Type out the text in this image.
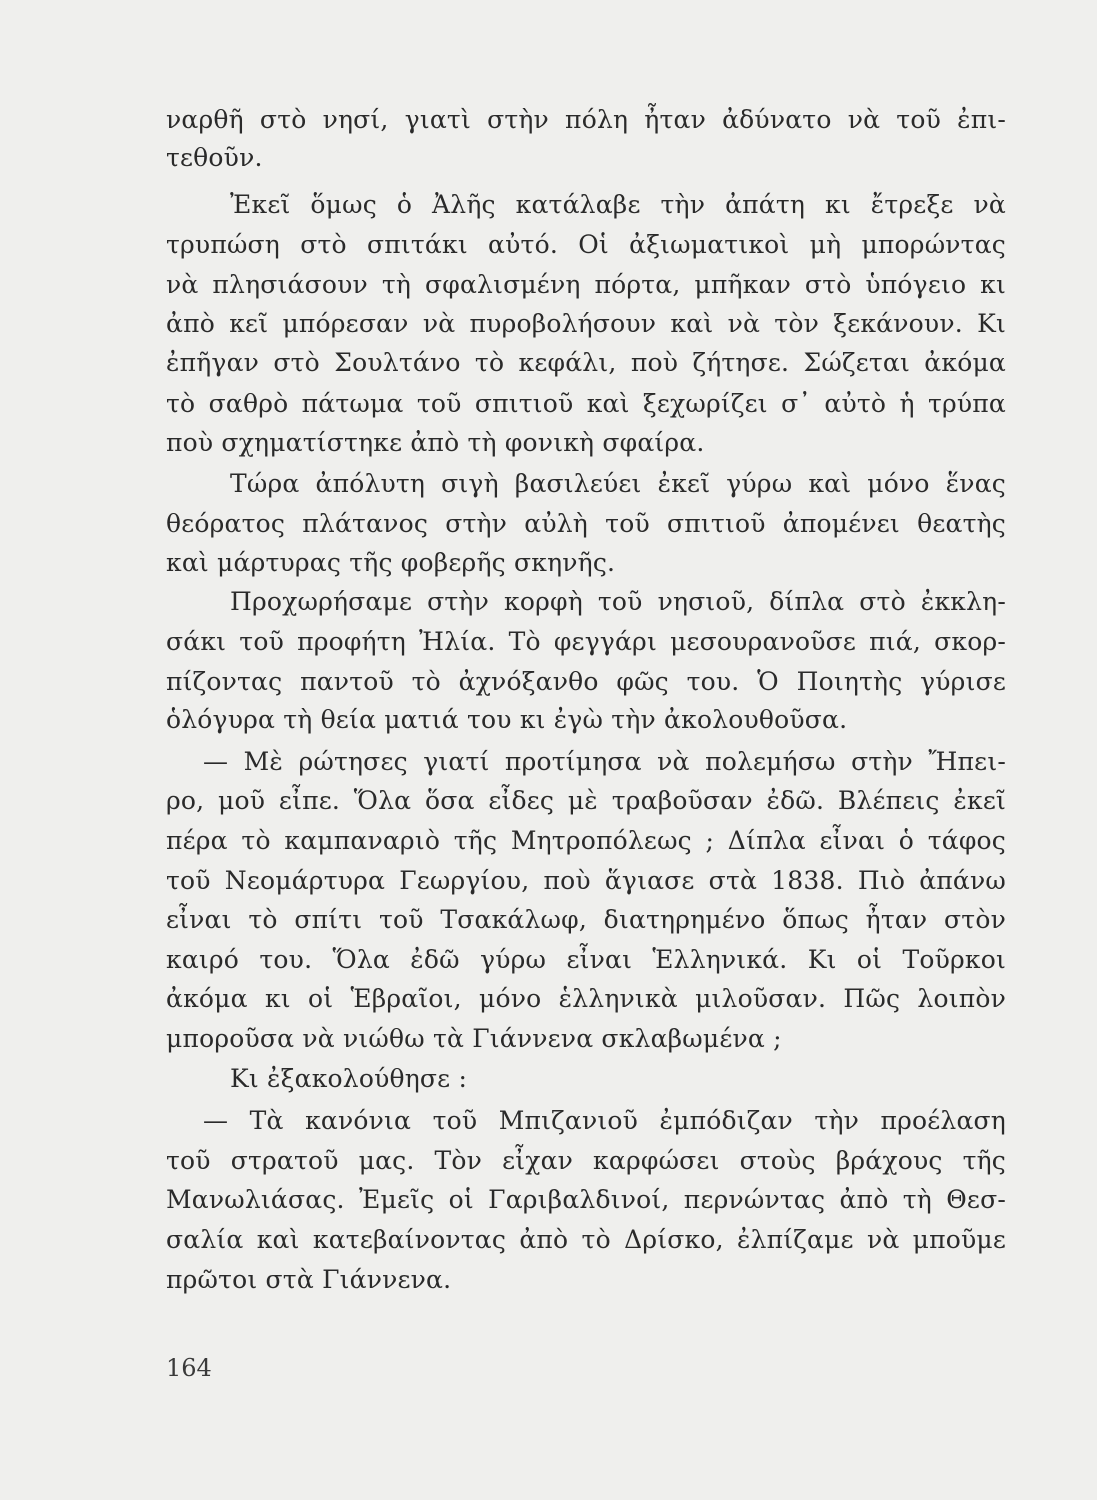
ναρθῆ στὸ νησί, γιατὶ στὴν πόλη ἦταν ἀδύνατο νὰ τοῦ ἐπι-
τεθοῦν.
Ἐκεῖ ὅμως ὁ Ἀλῆς κατάλαβε τὴν ἀπάτη κι ἔτρεξε νὰ
τρυπώση στὸ σπιτάκι αὐτό. Οἱ ἀξιωματικοὶ μὴ μπορώντας
νὰ πλησιάσουν τὴ σφαλισμένη πόρτα, μπῆκαν στὸ ὑπόγειο κι
ἀπὸ κεῖ μπόρεσαν νὰ πυροβολήσουν καὶ νὰ τὸν ξεκάνουν. Κι
ἐπῆγαν στὸ Σουλτάνο τὸ κεφάλι, ποὺ ζήτησε. Σώζεται ἀκόμα
τὸ σαθρὸ πάτωμα τοῦ σπιτιοῦ καὶ ξεχωρίζει σ᾽ αὐτὸ ἡ τρύπα
ποὺ σχηματίστηκε ἀπὸ τὴ φονικὴ σφαίρα.
Τώρα ἀπόλυτη σιγὴ βασιλεύει ἐκεῖ γύρω καὶ μόνο ἕνας
θεόρατος πλάτανος στὴν αὐλὴ τοῦ σπιτιοῦ ἀπομένει θεατὴς
καὶ μάρτυρας τῆς φοβερῆς σκηνῆς.
Προχωρήσαμε στὴν κορφὴ τοῦ νησιοῦ, δίπλα στὸ ἐκκλη-
σάκι τοῦ προφήτη Ἠλία. Τὸ φεγγάρι μεσουρανοῦσε πιά, σκορ-
πίζοντας παντοῦ τὸ ἀχνόξανθο φῶς του. Ὁ Ποιητὴς γύρισε
ὁλόγυρα τὴ θεία ματιά του κι ἐγὼ τὴν ἀκολουθοῦσα.
— Μὲ ρώτησες γιατί προτίμησα νὰ πολεμήσω στὴν Ἤπει-
ρο, μοῦ εἶπε. Ὅλα ὅσα εἶδες μὲ τραβοῦσαν ἐδῶ. Βλέπεις ἐκεῖ
πέρα τὸ καμπαναριὸ τῆς Μητροπόλεως ; Δίπλα εἶναι ὁ τάφος
τοῦ Νεομάρτυρα Γεωργίου, ποὺ ἅγιασε στὰ 1838. Πιὸ ἀπάνω
εἶναι τὸ σπίτι τοῦ Τσακάλωφ, διατηρημένο ὅπως ἦταν στὸν
καιρό του. Ὅλα ἐδῶ γύρω εἶναι Ἑλληνικά. Κι οἱ Τοῦρκοι
ἀκόμα κι οἱ Ἑβραῖοι, μόνο ἑλληνικὰ μιλοῦσαν. Πῶς λοιπὸν
μποροῦσα νὰ νιώθω τὰ Γιάννενα σκλαβωμένα ;
Κι ἐξακολούθησε :
— Τὰ κανόνια τοῦ Μπιζανιοῦ ἐμπόδιζαν τὴν προέλαση
τοῦ στρατοῦ μας. Τὸν εἶχαν καρφώσει στοὺς βράχους τῆς
Μανωλιάσας. Ἐμεῖς οἱ Γαριβαλδινοί, περνώντας ἀπὸ τὴ Θεσ-
σαλία καὶ κατεβαίνοντας ἀπὸ τὸ Δρίσκο, ἐλπίζαμε νὰ μποῦμε
πρῶτοι στὰ Γιάννενα.
164
